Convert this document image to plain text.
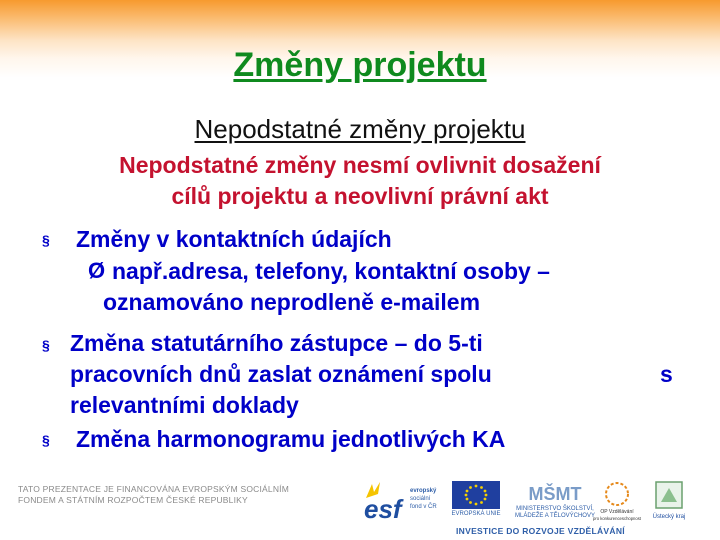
Změny projektu
Nepodstatné změny projektu
Nepodstatné změny nesmí ovlivnit dosažení
cílů projektu a neovlivní právní akt
§ Změny v kontaktních údajích
Ø např.adresa, telefony, kontaktní osoby –
oznamováno neprodleně e-mailem
§ Změna statutárního zástupce – do 5-ti
pracovních dnů zaslat oznámení spolu	s
relevantními doklady
§ Změna harmonogramu jednotlivých KA
TATO PREZENTACE JE FINANCOVÁNA EVROPSKÝM SOCIÁLNÍM
FONDEM A STÁTNÍM ROZPOČTEM ČESKÉ REPUBLIKY	esf
evropský
sociální
fond v ČR
EVROPSKÁ UNIE
MŠMT
MINISTERSTVO ŠKOLSTVÍ,
MLÁDEŽE A TĚLOVÝCHOVY
OP Vzdělávání
pro konkurenceschopnost Ústecký kraj
INVESTICE DO ROZVOJE VZDĚLÁVÁNÍ
